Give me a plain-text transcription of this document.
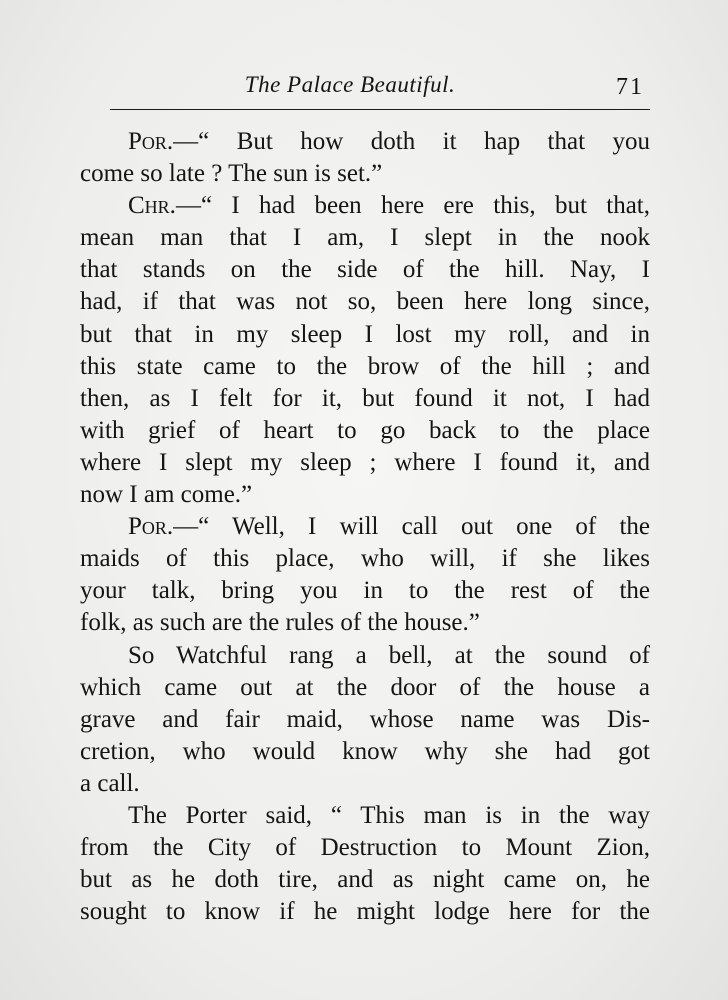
The Palace Beautiful.	71
Por.—“ But how doth it hap that you
come so late ? The sun is set.”
Chr.—“ I had been here ere this, but that,
mean man that I am, I slept in the nook
that stands on the side of the hill. Nay, I
had, if that was not so, been here long since,
but that in my sleep I lost my roll, and in
this state came to the brow of the hill ; and
then, as I felt for it, but found it not, I had
with grief of heart to go back to the place
where I slept my sleep ; where I found it, and
now I am come.”
Por.—“ Well, I will call out one of the
maids of this place, who will, if she likes
your talk, bring you in to the rest of the
folk, as such are the rules of the house.”
So Watchful rang a bell, at the sound of
which came out at the door of the house a
grave and fair maid, whose name was Dis-
cretion, who would know why she had got
a call.
The Porter said, “ This man is in the way
from the City of Destruction to Mount Zion,
but as he doth tire, and as night came on, he
sought to know if he might lodge here for the
